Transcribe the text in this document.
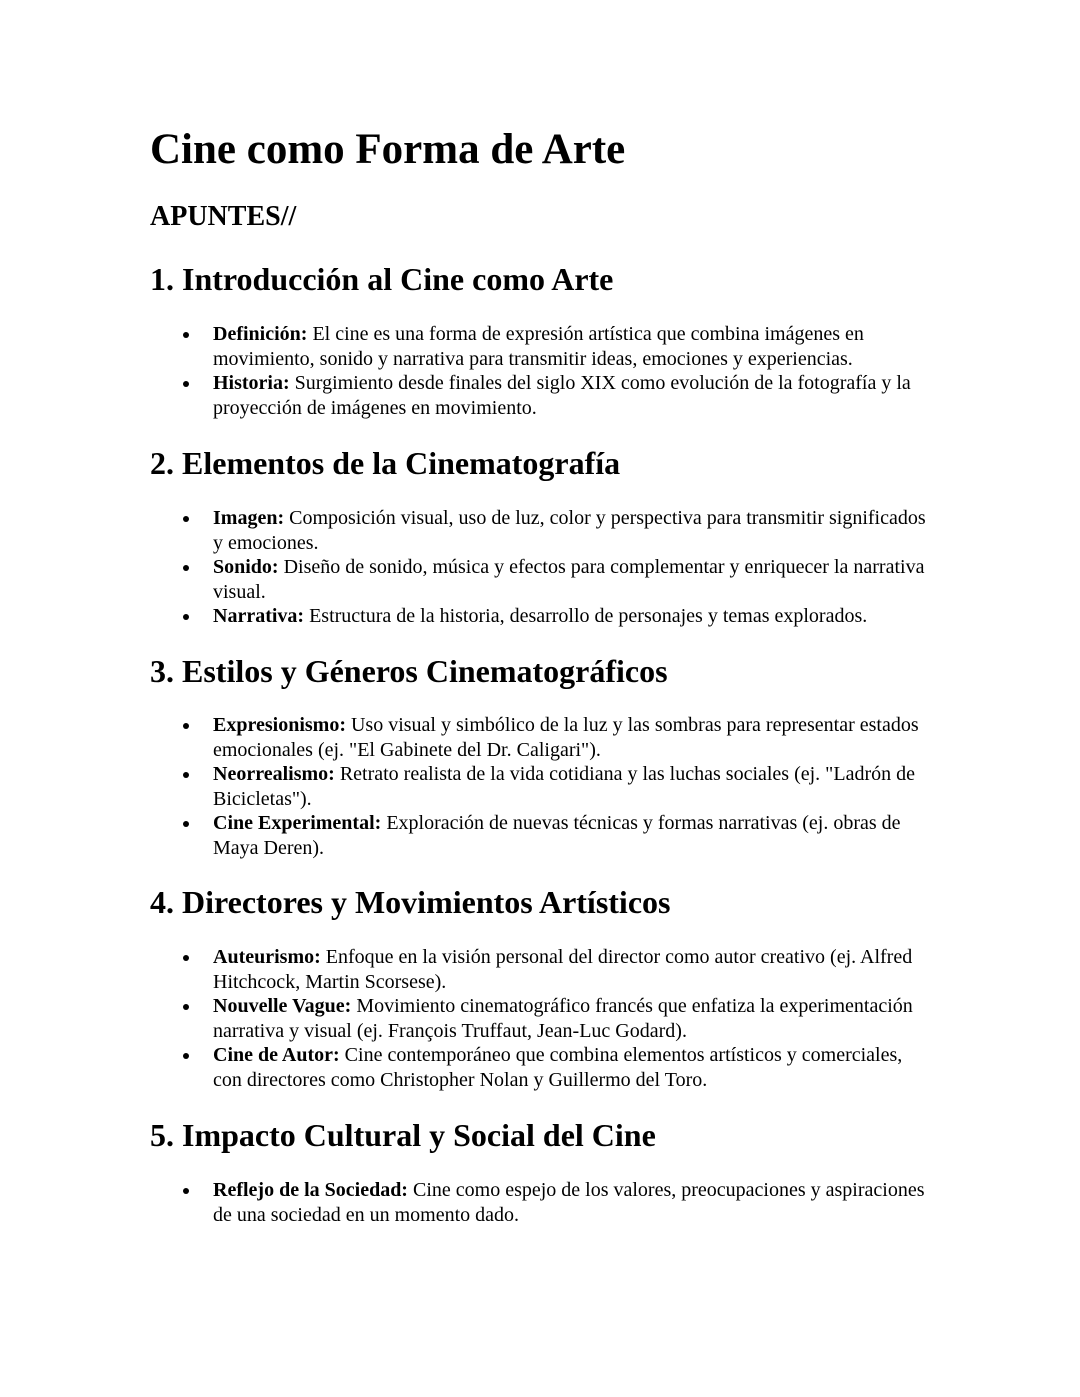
Cine como Forma de Arte
APUNTES//
1. Introducción al Cine como Arte
Definición: El cine es una forma de expresión artística que combina imágenes en movimiento, sonido y narrativa para transmitir ideas, emociones y experiencias.
Historia: Surgimiento desde finales del siglo XIX como evolución de la fotografía y la proyección de imágenes en movimiento.
2. Elementos de la Cinematografía
Imagen: Composición visual, uso de luz, color y perspectiva para transmitir significados y emociones.
Sonido: Diseño de sonido, música y efectos para complementar y enriquecer la narrativa visual.
Narrativa: Estructura de la historia, desarrollo de personajes y temas explorados.
3. Estilos y Géneros Cinematográficos
Expresionismo: Uso visual y simbólico de la luz y las sombras para representar estados emocionales (ej. "El Gabinete del Dr. Caligari").
Neorrealismo: Retrato realista de la vida cotidiana y las luchas sociales (ej. "Ladrón de Bicicletas").
Cine Experimental: Exploración de nuevas técnicas y formas narrativas (ej. obras de Maya Deren).
4. Directores y Movimientos Artísticos
Auteurismo: Enfoque en la visión personal del director como autor creativo (ej. Alfred Hitchcock, Martin Scorsese).
Nouvelle Vague: Movimiento cinematográfico francés que enfatiza la experimentación narrativa y visual (ej. François Truffaut, Jean-Luc Godard).
Cine de Autor: Cine contemporáneo que combina elementos artísticos y comerciales, con directores como Christopher Nolan y Guillermo del Toro.
5. Impacto Cultural y Social del Cine
Reflejo de la Sociedad: Cine como espejo de los valores, preocupaciones y aspiraciones de una sociedad en un momento dado.
